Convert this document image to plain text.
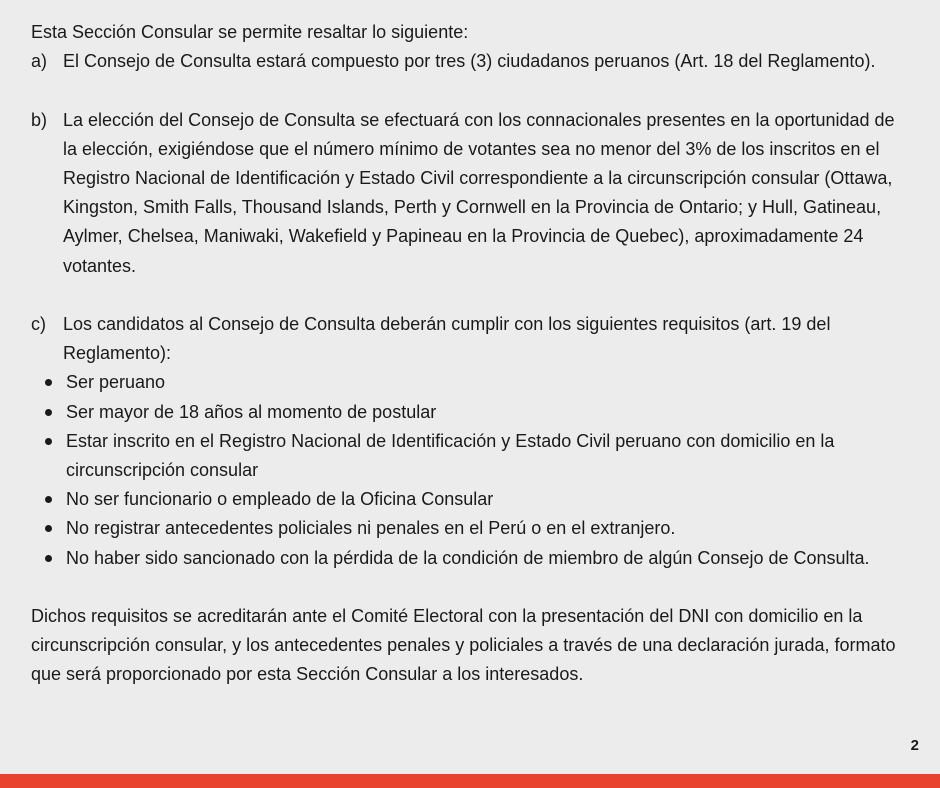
Esta Sección Consular se permite resaltar lo siguiente:

a) El Consejo de Consulta estará compuesto por tres (3) ciudadanos peruanos (Art. 18 del Reglamento).
b) La elección del Consejo de Consulta se efectuará con los connacionales presentes en la oportunidad de la elección, exigiéndose que el número mínimo de votantes sea no menor del 3% de los inscritos en el Registro Nacional de Identificación y Estado Civil correspondiente a la circunscripción consular (Ottawa, Kingston, Smith Falls, Thousand Islands, Perth y Cornwell en la Provincia de Ontario; y Hull, Gatineau, Aylmer, Chelsea, Maniwaki, Wakefield y Papineau en la Provincia de Quebec), aproximadamente 24 votantes.
c) Los candidatos al Consejo de Consulta deberán cumplir con los siguientes requisitos (art. 19 del Reglamento):
Ser peruano
Ser mayor de 18 años al momento de postular
Estar inscrito en el Registro Nacional de Identificación y Estado Civil peruano con domicilio en la circunscripción consular
No ser funcionario o empleado de la Oficina Consular
No registrar antecedentes policiales ni penales en el Perú o en el extranjero.
No haber sido sancionado con la pérdida de la condición de miembro de algún Consejo de Consulta.

Dichos requisitos se acreditarán ante el Comité Electoral con la presentación del DNI con domicilio en la circunscripción consular, y los antecedentes penales y policiales a través de una declaración jurada, formato que será proporcionado por esta Sección Consular a los interesados.

2
